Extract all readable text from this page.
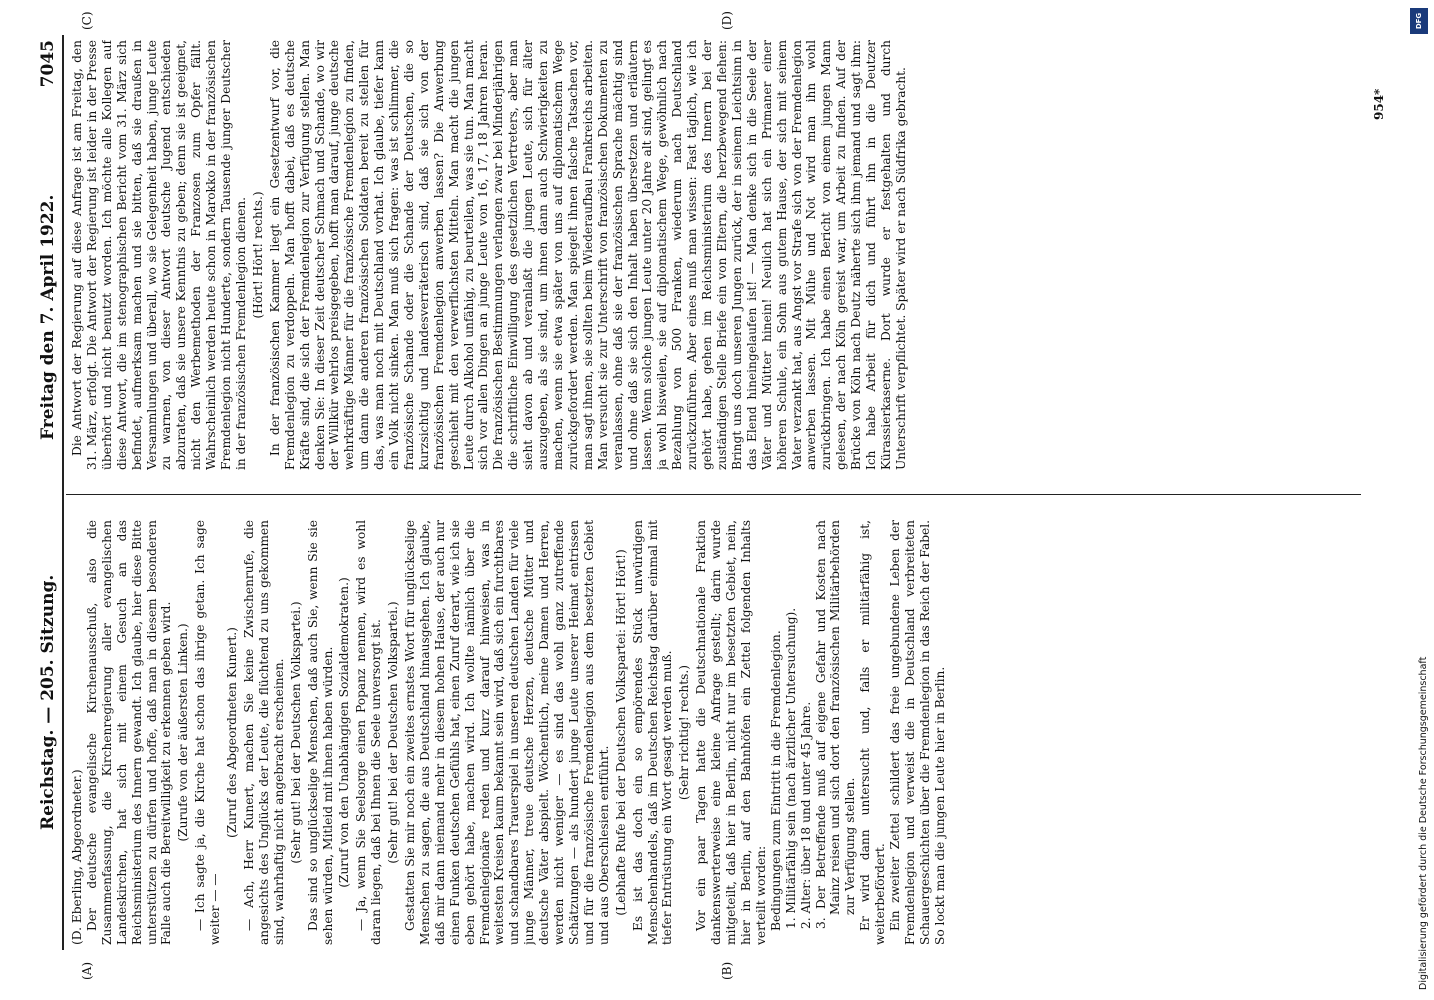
Reichstag. — 205. Sitzung.
Freitag den 7. April 1922.
7045
(A)	(B)
(C)	(D)

(D. Eberling, Abgeordneter.) Der deutsche evangelische Kirchenausschuß, also die Zusammenfassung, die Kirchenregierung aller evangelischen Landeskirchen, hat sich mit einem Gesuch an das Reichsministerium des Innern gewandt. Ich glaube, hier diese Bitte unterstützen zu dürfen und hoffe, daß man in diesem besonderen Falle auch die Bereitwilligkeit zu erkennen geben wird. (Zurufe von der äußersten Linken.) — Ich sagte ja, die Kirche hat schon das ihrige getan. Ich sage weiter — —

(Zuruf des Abgeordneten Kunert.) — Ach, Herr Kunert, machen Sie keine Zwischenrufe, die angesichts des Unglücks der Leute, die flüchtend zu uns gekommen sind, wahrhaftig nicht angebracht erscheinen. (Sehr gut! bei der Deutschen Volkspartei.) Das sind so unglückselige Menschen, daß auch Sie, wenn Sie sie sehen würden, Mitleid mit ihnen haben würden. (Zuruf von den Unabhängigen Sozialdemokraten.) — Ja, wenn Sie Seelsorge einen Popanz nennen, wird es wohl daran liegen, daß bei Ihnen die Seele unversorgt ist. (Sehr gut! bei der Deutschen Volkspartei.) Gestatten Sie mir noch ein zweites ernstes Wort für unglückselige Menschen zu sagen, die aus Deutschland hinausgehen. Ich glaube, daß mir dann niemand mehr in diesem hohen Hause, der auch nur einen Funken deutschen Gefühls hat, einen Zuruf derart, wie ich sie eben gehört habe, machen wird. Ich wollte nämlich über die Fremdenlegionäre reden und kurz darauf hinweisen, was in weitesten Kreisen kaum bekannt sein wird, daß sich ein furchtbares und schandbares Trauerspiel in unseren deutschen Landen für viele junge Männer, treue deutsche Herzen, deutsche Mütter und deutsche Väter abspielt. Wöchentlich, meine Damen und Herren, werden nicht weniger — es sind das wohl ganz zutreffende Schätzungen — als hundert junge Leute unserer Heimat entrissen und für die französische Fremdenlegion aus dem besetzten Gebiet und aus Oberschlesien entführt. (Lebhafte Rufe bei der Deutschen Volkspartei: Hört! Hört!) Es ist das doch ein so empörendes Stück unwürdigen Menschenhandels, daß im Deutschen Reichstag darüber einmal mit tiefer Entrüstung ein Wort gesagt werden muß. (Sehr richtig! rechts.) Vor ein paar Tagen hatte die Deutschnationale Fraktion dankenswerterweise eine kleine Anfrage gestellt; darin wurde mitgeteilt, daß hier in Berlin, nicht nur im besetzten Gebiet, nein, hier in Berlin, auf den Bahnhöfen ein Zettel folgenden Inhalts verteilt worden: Bedingungen zum Eintritt in die Fremdenlegion. 1. Militärfähig sein (nach ärztlicher Untersuchung). 2. Alter: über 18 und unter 45 Jahre. 3. Der Betreffende muß auf eigene Gefahr und Kosten nach Mainz reisen und sich dort den französischen Militärbehörden zur Verfügung stellen. Er wird dann untersucht und, falls er militärfähig ist, weiterbefördert. Ein zweiter Zettel schildert das freie ungebundene Leben der Fremdenlegion und verweist die in Deutschland verbreiteten Schauergeschichten über die Fremdenlegion in das Reich der Fabel. So lockt man die jungen Leute hier in Berlin.

Die Antwort der Regierung auf diese Anfrage ist am Freitag, den 31. März, erfolgt. Die Antwort der Regierung ist leider in der Presse überhört und nicht benutzt worden. Ich möchte alle Kollegen auf diese Antwort, die im stenographischen Bericht vom 31. März sich befindet, aufmerksam machen und sie bitten, daß sie draußen in Versammlungen und überall, wo sie Gelegenheit haben, junge Leute zu warnen, von dieser Antwort deutsche Jugend entschieden abzuraten, daß sie unsere Kenntnis zu geben; denn sie ist geeignet, nicht den Werbemethoden der Franzosen zum Opfer fällt. Wahrscheinlich werden heute schon in Marokko in der französischen Fremdenlegion nicht Hunderte, sondern Tausende junger Deutscher in der französischen Fremdenlegion dienen. (Hört! Hört! rechts.) In der französischen Kammer liegt ein Gesetzentwurf vor, die Fremdenlegion zu verdoppeln. Man hofft dabei, daß es deutsche Kräfte sind, die sich der Fremdenlegion zur Verfügung stellen. Man denken Sie: In dieser Zeit deutscher Schmach und Schande, wo wir der Willkür wehrlos preisgegeben, hofft man darauf, junge deutsche wehrkräftige Männer für die französische Fremdenlegion zu finden, um dann die anderen französischen Soldaten bereit zu stellen für das, was man noch mit Deutschland vorhat. Ich glaube, tiefer kann ein Volk nicht sinken. Man muß sich fragen: was ist schlimmer, die französische Schande oder die Schande der Deutschen, die so kurzsichtig und landesverräterisch sind, daß sie sich von der französischen Fremdenlegion anwerben lassen? Die Anwerbung geschieht mit den verwerflichsten Mitteln. Man macht die jungen Leute durch Alkohol unfähig, zu beurteilen, was sie tun. Man macht sich vor allen Dingen an junge Leute von 16, 17, 18 Jahren heran. Die französischen Bestimmungen verlangen zwar bei Minderjährigen die schriftliche Einwilligung des gesetzlichen Vertreters, aber man sieht davon ab und veranlaßt die jungen Leute, sich für älter auszugeben, als sie sind, um ihnen dann auch Schwierigkeiten zu machen, wenn sie etwa später von uns auf diplomatischem Wege zurückgefordert werden. Man spiegelt ihnen falsche Tatsachen vor, man sagt ihnen, sie sollten beim Wiederaufbau Frankreichs arbeiten. Man versucht sie zur Unterschrift von französischen Dokumenten zu veranlassen, ohne daß sie der französischen Sprache mächtig sind und ohne daß sie sich den Inhalt haben übersetzen und erläutern lassen. Wenn solche jungen Leute unter 20 Jahre alt sind, gelingt es ja wohl bisweilen, sie auf diplomatischem Wege, gewöhnlich nach Bezahlung von 500 Franken, wiederum nach Deutschland zurückzuführen. Aber eines muß man wissen: Fast täglich, wie ich gehört habe, gehen im Reichsministerium des Innern bei der zuständigen Stelle Briefe ein von Eltern, die herzbewegend flehen: Bringt uns doch unseren Jungen zurück, der in seinem Leichtsinn in das Elend hineingelaufen ist! — Man denke sich in die Seele der Väter und Mütter hinein! Neulich hat sich ein Primaner einer höheren Schule, ein Sohn aus gutem Hause, der sich mit seinem Vater verzankt hat, aus Angst vor Strafe sich von der Fremdenlegion anwerben lassen. Mit Mühe und Not wird man ihn wohl zurückbringen. Ich habe einen Bericht von einem jungen Mann gelesen, der nach Köln gereist war, um Arbeit zu finden. Auf der Brücke von Köln nach Deutz näherte sich ihm jemand und sagt ihm: Ich habe Arbeit für dich und führt ihn in die Deutzer Kürassierkaserne. Dort wurde er festgehalten und durch Unterschrift verpflichtet. Später wird er nach Südfrika gebracht.	954*
DFG
Digitalisierung gefördert durch die Deutsche Forschungsgemeinschaft
